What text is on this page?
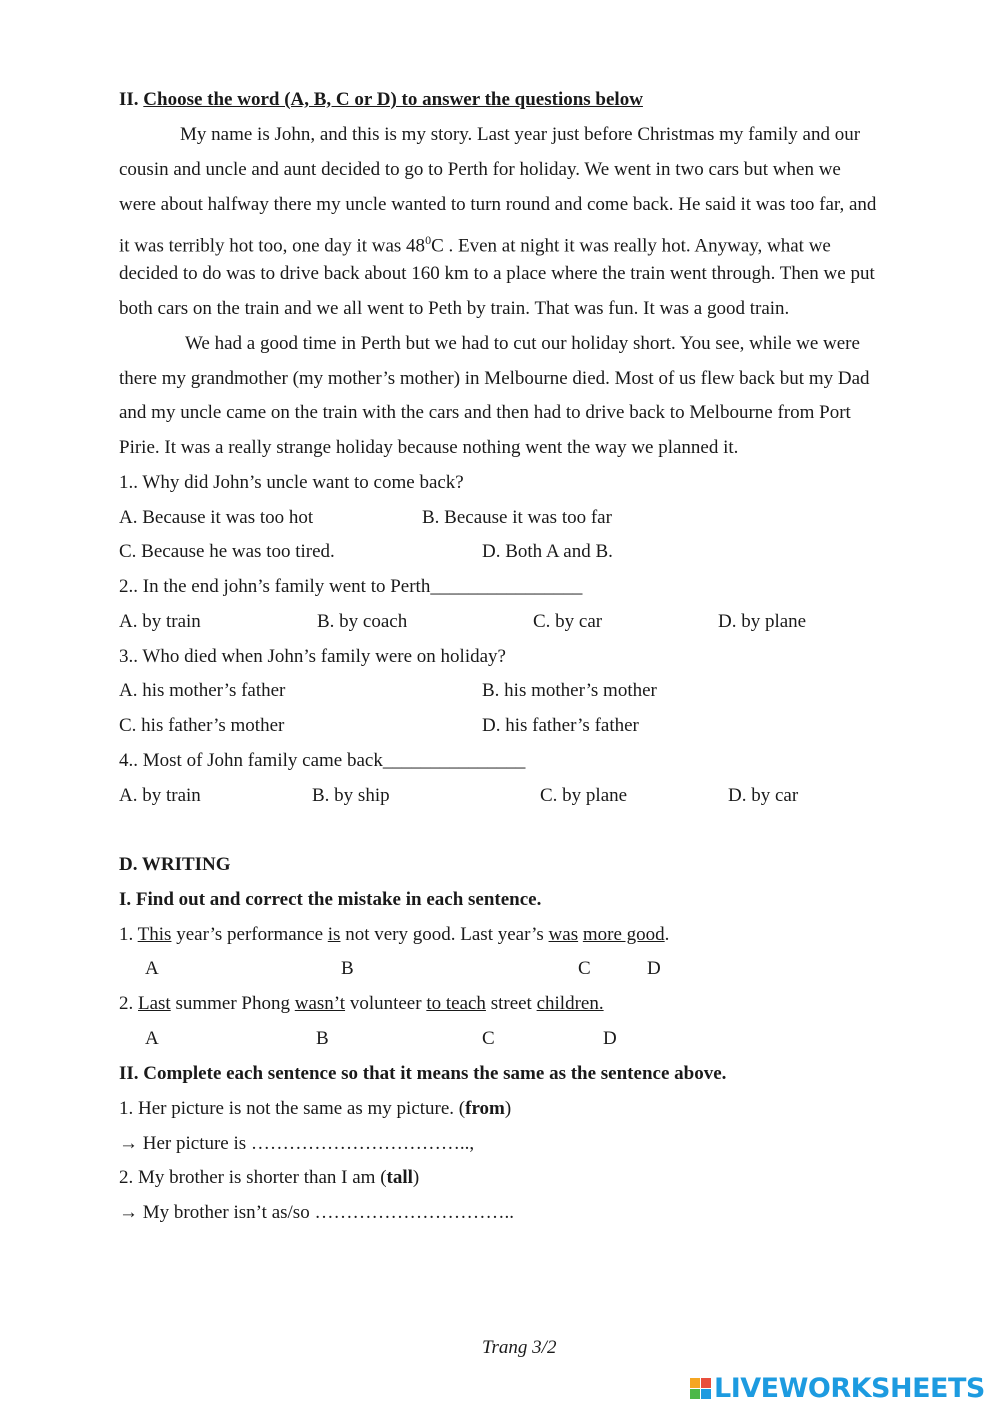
II. Choose the word (A, B, C or D) to answer the questions below
My name is John, and this is my story. Last year just before Christmas my family and our
cousin and uncle and aunt decided to go to Perth for holiday. We went in two cars but when we
were about halfway there my uncle wanted to turn round and come back. He said it was too far, and
it was terribly hot too, one day it was $48^0C$ . Even at night it was really hot. Anyway, what we
decided to do was to drive back about 160 km to a place where the train went through. Then we put
both cars on the train and we all went to Peth by train. That was fun. It was a good train.
We had a good time in Perth but we had to cut our holiday short. You see, while we were
there my grandmother (my mother’s mother) in Melbourne died. Most of us flew back but my Dad
and my uncle came on the train with the cars and then had to drive back to Melbourne from Port
Pirie. It was a really strange holiday because nothing went the way we planned it.
1.. Why did John’s uncle want to come back?
A. Because it was too hot	B. Because it was too far
C. Because he was too tired.	D. Both A and B.
2.. In the end john’s family went to Perth________________
A. by train	B. by coach	C. by car	D. by plane
3.. Who died when John’s family were on holiday?
A. his mother’s father	B. his mother’s mother
C. his father’s mother	D. his father’s father
4.. Most of John family came back_______________
A. by train	B. by ship	C. by plane	D. by car
D. WRITING
I. Find out and correct the mistake in each sentence.
1. This year’s performance is not very good. Last year’s was more good.
A	B	C	D
2. Last summer Phong wasn’t volunteer to teach street children.
A	B	C	D
II. Complete each sentence so that it means the same as the sentence above.
1. Her picture is not the same as my picture. (from)
→ Her picture is ……………………………..,
2. My brother is shorter than I am (tall)
→ My brother isn’t as/so …………………………..
Trang 3/2
LIVEWORKSHEETS
